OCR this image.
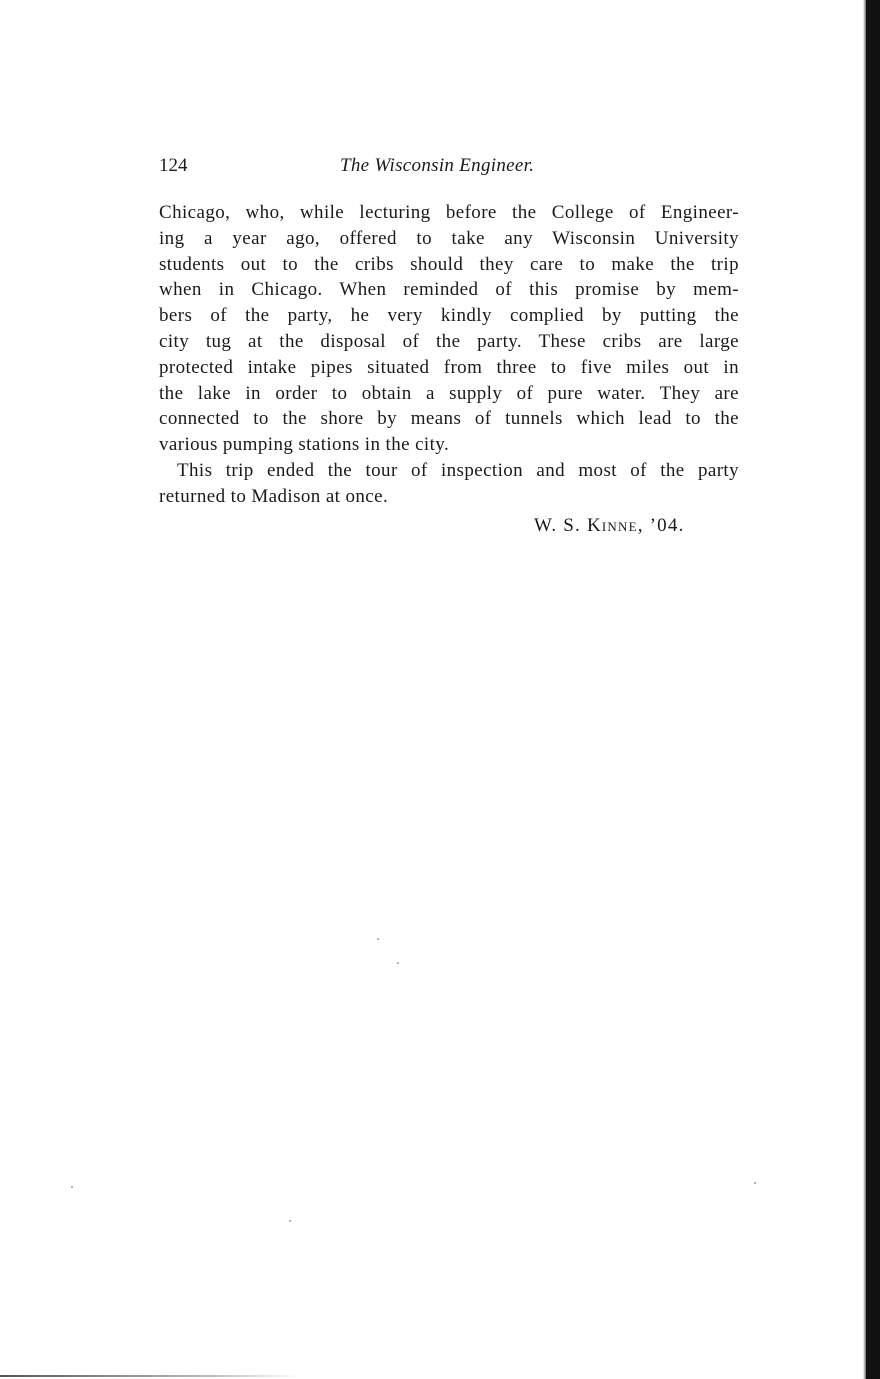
124	The Wisconsin Engineer.

Chicago, who, while lecturing before the College of Engineer-
ing a year ago, offered to take any Wisconsin University
students out to the cribs should they care to make the trip
when in Chicago. When reminded of this promise by mem-
bers of the party, he very kindly complied by putting the
city tug at the disposal of the party. These cribs are large
protected intake pipes situated from three to five miles out in
the lake in order to obtain a supply of pure water. They are
connected to the shore by means of tunnels which lead to the
various pumping stations in the city.

This trip ended the tour of inspection and most of the party
returned to Madison at once.

W. S. Kinne, ’04.
